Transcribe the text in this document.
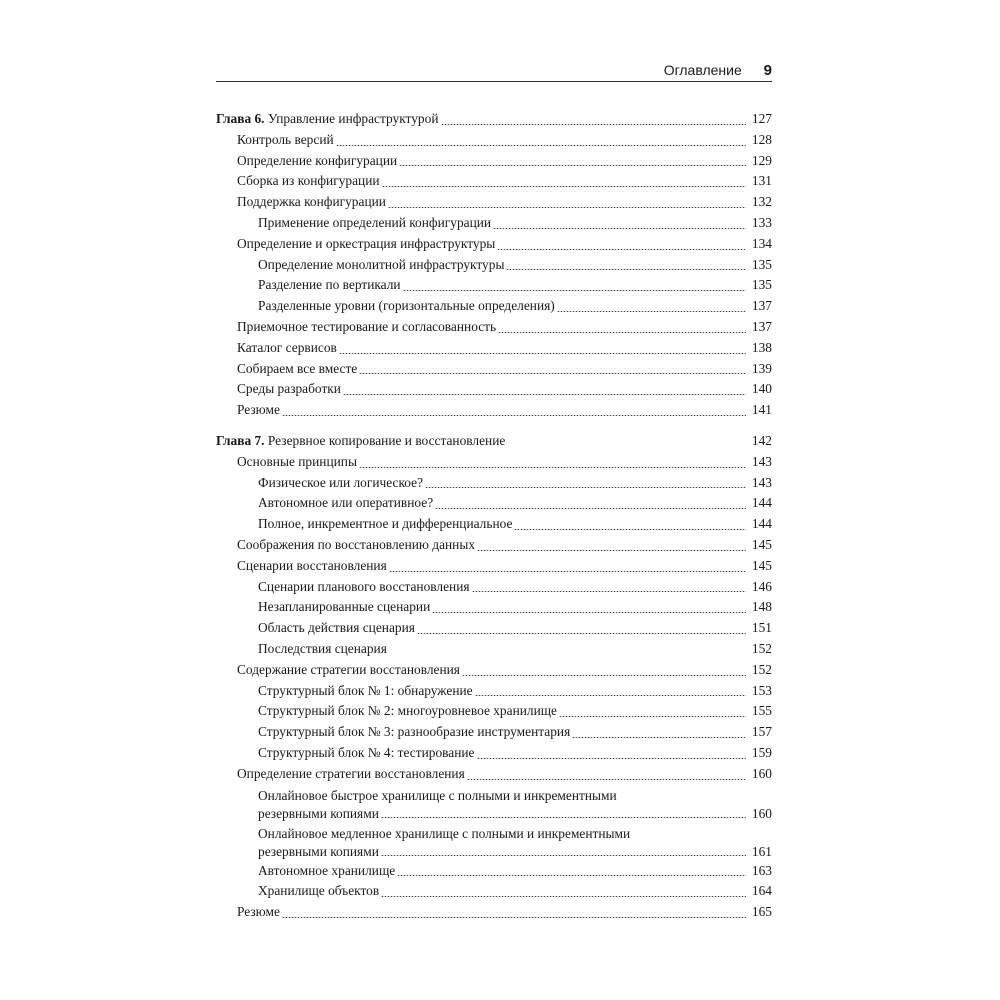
Оглавление 9
Глава 6. Управление инфраструктурой	127
Контроль версий	128
Определение конфигурации	129
Сборка из конфигурации	131
Поддержка конфигурации	132
Применение определений конфигурации	133
Определение и оркестрация инфраструктуры	134
Определение монолитной инфраструктуры	135
Разделение по вертикали	135
Разделенные уровни (горизонтальные определения)	137
Приемочное тестирование и согласованность	137
Каталог сервисов	138
Собираем все вместе	139
Среды разработки	140
Резюме	141
Глава 7. Резервное копирование и восстановление	142
Основные принципы	143
Физическое или логическое?	143
Автономное или оперативное?	144
Полное, инкрементное и дифференциальное	144
Соображения по восстановлению данных	145
Сценарии восстановления	145
Сценарии планового восстановления	146
Незапланированные сценарии	148
Область действия сценария	151
Последствия сценария	152
Содержание стратегии восстановления	152
Структурный блок № 1: обнаружение	153
Структурный блок № 2: многоуровневое хранилище	155
Структурный блок № 3: разнообразие инструментария	157
Структурный блок № 4: тестирование	159
Определение стратегии восстановления	160
Онлайновое быстрое хранилище с полными и инкрементными
резервными копиями	160
Онлайновое медленное хранилище с полными и инкрементными
резервными копиями	161
Автономное хранилище	163
Хранилище объектов	164
Резюме	165
